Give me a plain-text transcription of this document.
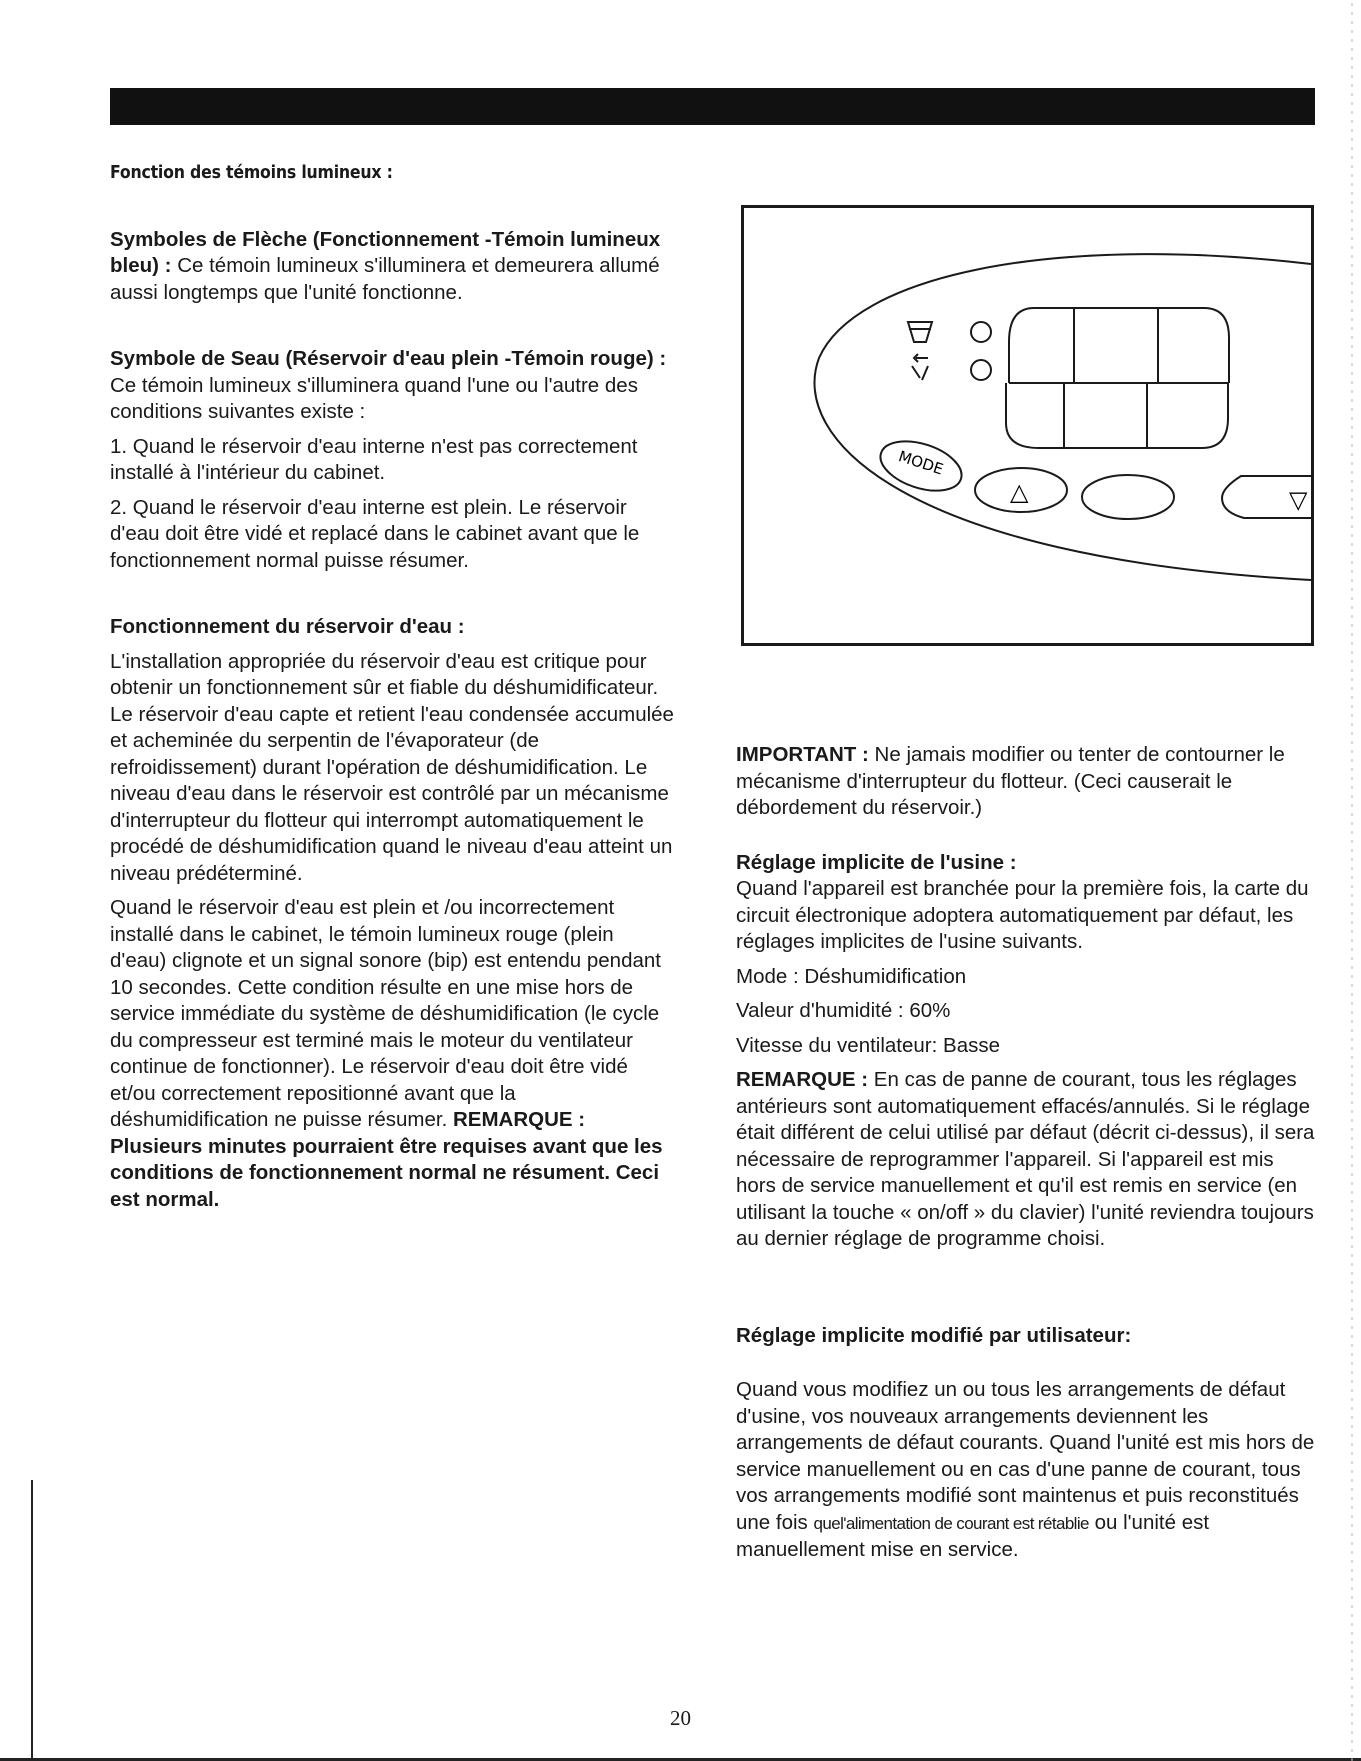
Fonction des témoins lumineux :

Symboles de Flèche (Fonctionnement -Témoin lumineux bleu) : Ce témoin lumineux s'illuminera et demeurera allumé aussi longtemps que l'unité fonctionne.

Symbole de Seau (Réservoir d'eau plein -Témoin rouge) : Ce témoin lumineux s'illuminera quand l'une ou l'autre des conditions suivantes existe :

1. Quand le réservoir d'eau interne n'est pas correctement installé à l'intérieur du cabinet.

2. Quand le réservoir d'eau interne est plein. Le réservoir d'eau doit être vidé et replacé dans le cabinet avant que le fonctionnement normal puisse résumer.

Fonctionnement du réservoir d'eau :

L'installation appropriée du réservoir d'eau est critique pour obtenir un fonctionnement sûr et fiable du déshumidificateur. Le réservoir d'eau capte et retient l'eau condensée accumulée et acheminée du serpentin de l'évaporateur (de refroidissement) durant l'opération de déshumidification. Le niveau d'eau dans le réservoir est contrôlé par un mécanisme d'interrupteur du flotteur qui interrompt automatiquement le procédé de déshumidification quand le niveau d'eau atteint un niveau prédéterminé.

Quand le réservoir d'eau est plein et /ou incorrectement installé dans le cabinet, le témoin lumineux rouge (plein d'eau) clignote et un signal sonore (bip) est entendu pendant 10 secondes. Cette condition résulte en une mise hors de service immédiate du système de déshumidification (le cycle du compresseur est terminé mais le moteur du ventilateur continue de fonctionner). Le réservoir d'eau doit être vidé et/ou correctement repositionné avant que la déshumidification ne puisse résumer. REMARQUE : Plusieurs minutes pourraient être requises avant que les conditions de fonctionnement normal ne résument. Ceci est normal.

MODE
△	▽

IMPORTANT : Ne jamais modifier ou tenter de contourner le mécanisme d'interrupteur du flotteur. (Ceci causerait le débordement du réservoir.)

Réglage implicite de l'usine :

Quand l'appareil est branchée pour la première fois, la carte du circuit électronique adoptera automatiquement par défaut, les réglages implicites de l'usine suivants.

Mode : Déshumidification

Valeur d'humidité : 60%

Vitesse du ventilateur: Basse

REMARQUE : En cas de panne de courant, tous les réglages antérieurs sont automatiquement effacés/annulés. Si le réglage était différent de celui utilisé par défaut (décrit ci-dessus), il sera nécessaire de reprogrammer l'appareil. Si l'appareil est mis hors de service manuellement et qu'il est remis en service (en utilisant la touche « on/off » du clavier) l'unité reviendra toujours au dernier réglage de programme choisi.

Réglage implicite modifié par utilisateur:

Quand vous modifiez un ou tous les arrangements de défaut d'usine, vos nouveaux arrangements deviennent les arrangements de défaut courants. Quand l'unité est mis hors de service manuellement ou en cas d'une panne de courant, tous vos arrangements modifié sont maintenus et puis reconstitués une fois quel'alimentation de courant est rétablie ou l'unité est manuellement mise en service.

20
